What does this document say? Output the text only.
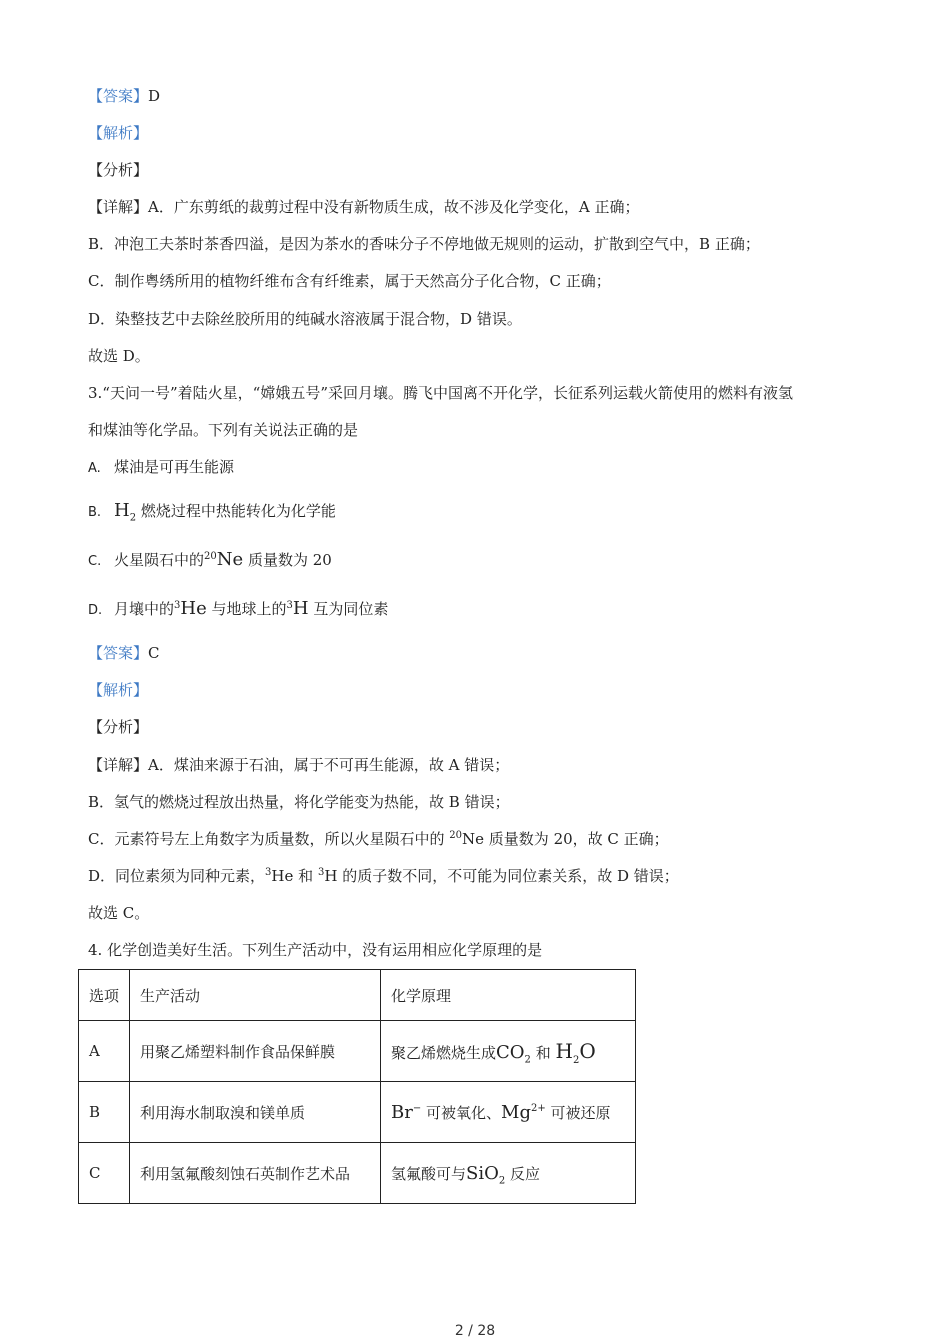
【答案】D
【解析】
【分析】
【详解】A．广东剪纸的裁剪过程中没有新物质生成，故不涉及化学变化，A 正确；
B．冲泡工夫茶时茶香四溢，是因为茶水的香味分子不停地做无规则的运动，扩散到空气中，B 正确；
C．制作粤绣所用的植物纤维布含有纤维素，属于天然高分子化合物，C 正确；
D．染整技艺中去除丝胶所用的纯碱水溶液属于混合物，D 错误。
故选 D。
3.“天问一号”着陆火星，“嫦娥五号”采回月壤。腾飞中国离不开化学，长征系列运载火箭使用的燃料有液氢
和煤油等化学品。下列有关说法正确的是
A. 煤油是可再生能源
B. $H_2$ 燃烧过程中热能转化为化学能
C. 火星陨石中的$^{20}$Ne 质量数为 20
D. 月壤中的$^3$He 与地球上的$^3$H 互为同位素
【答案】C
【解析】
【分析】
【详解】A．煤油来源于石油，属于不可再生能源，故 A 错误；
B．氢气的燃烧过程放出热量，将化学能变为热能，故 B 错误；
C．元素符号左上角数字为质量数，所以火星陨石中的 $^{20}$Ne 质量数为 20，故 C 正确；
D．同位素须为同种元素，$^3$He 和 $^3$H 的质子数不同，不可能为同位素关系，故 D 错误；
故选 C。
4. 化学创造美好生活。下列生产活动中，没有运用相应化学原理的是
选项	生产活动	化学原理
A	用聚乙烯塑料制作食品保鲜膜	聚乙烯燃烧生成$CO_2$ 和 $H_2O$
B	利用海水制取溴和镁单质	Br− 可被氧化、$Mg^{2+}$ 可被还原
C	利用氢氟酸刻蚀石英制作艺术品	氢氟酸可与SiO$_2$ 反应
2 / 28
